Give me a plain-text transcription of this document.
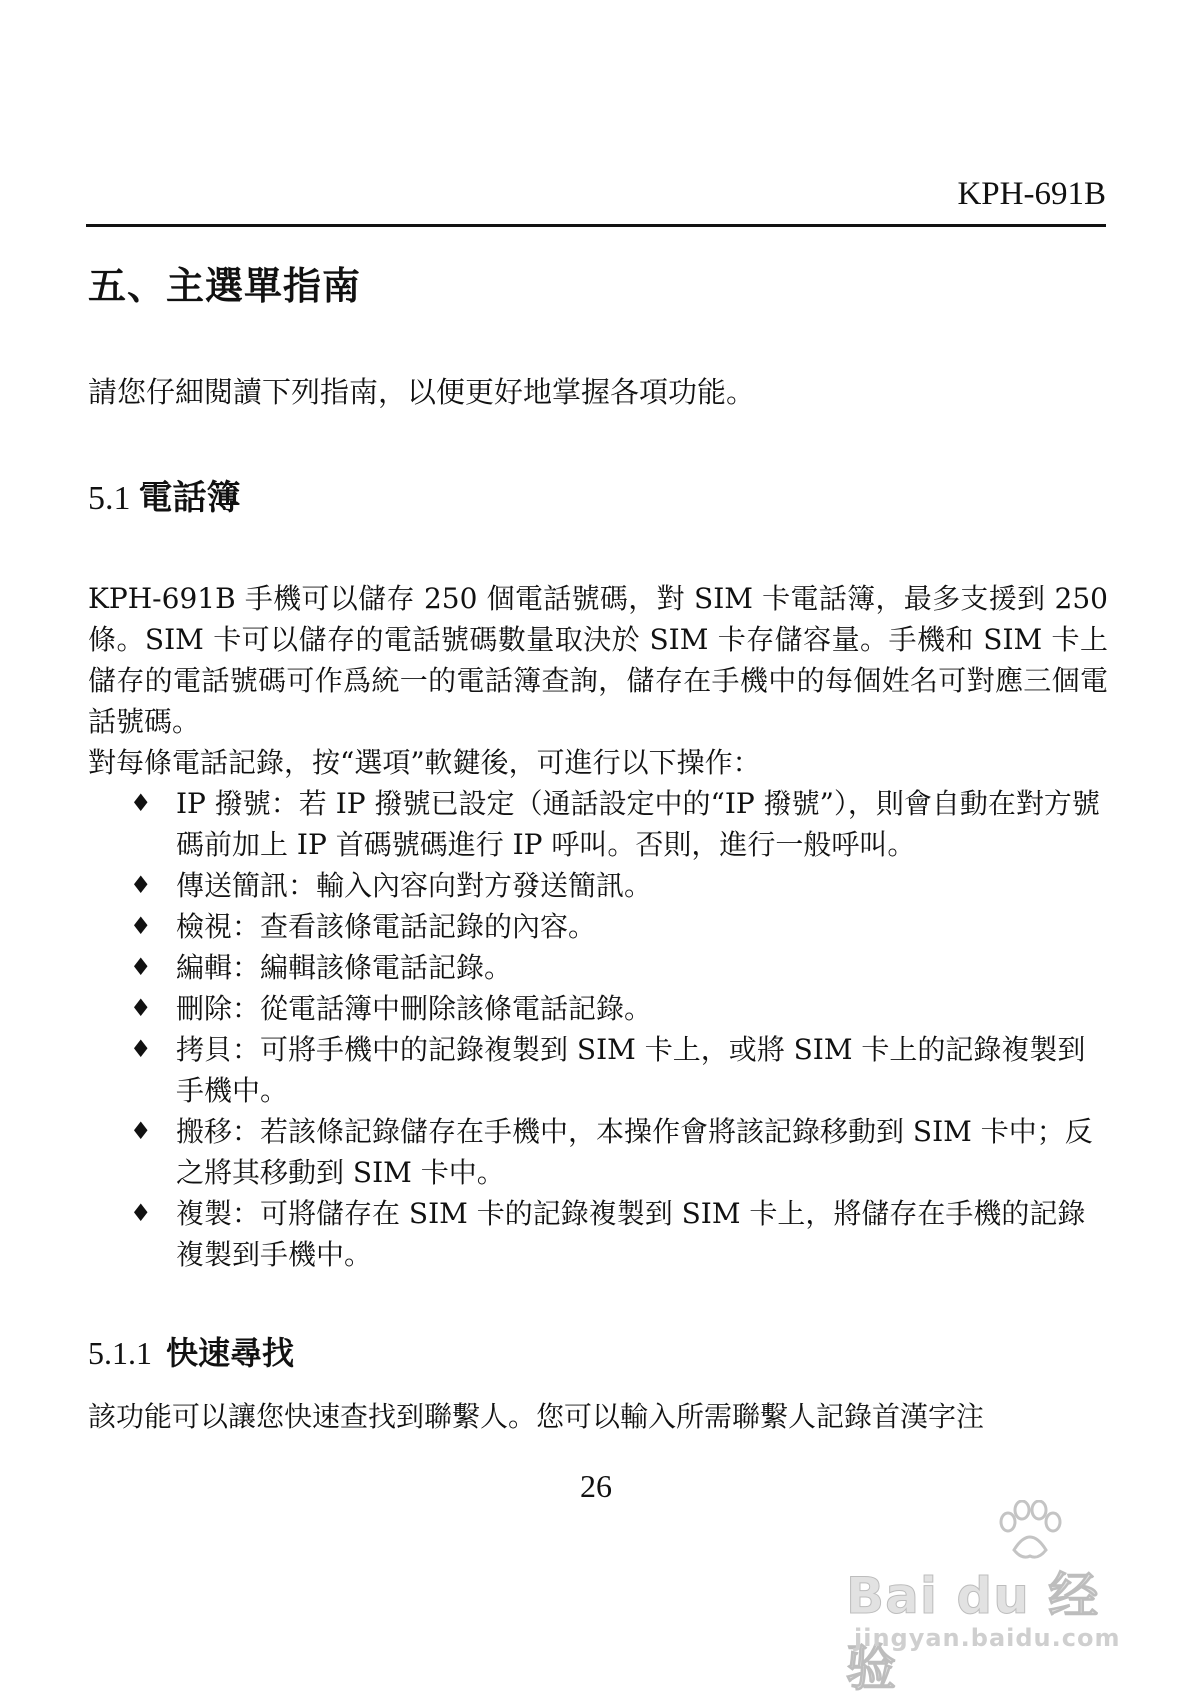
KPH-691B
五、主選單指南
請您仔細閱讀下列指南，以便更好地掌握各項功能。
5.1 電話簿

KPH-691B 手機可以儲存 250 個電話號碼，對 SIM 卡電話簿，最多支援到 250 條。SIM 卡可以儲存的電話號碼數量取決於 SIM 卡存儲容量。手機和 SIM 卡上儲存的電話號碼可作爲統一的電話簿查詢，儲存在手機中的每個姓名可對應三個電話號碼。

對每條電話記錄，按“選項”軟鍵後，可進行以下操作：

♦ IP 撥號：若 IP 撥號已設定（通話設定中的“IP 撥號”），則會自動在對方號碼前加上 IP 首碼號碼進行 IP 呼叫。否則，進行一般呼叫。
♦ 傳送簡訊：輸入內容向對方發送簡訊。
♦ 檢視：查看該條電話記錄的內容。
♦ 編輯：編輯該條電話記錄。
♦ 刪除：從電話簿中刪除該條電話記錄。
♦ 拷貝：可將手機中的記錄複製到 SIM 卡上，或將 SIM 卡上的記錄複製到手機中。
♦ 搬移：若該條記錄儲存在手機中，本操作會將該記錄移動到 SIM 卡中；反之將其移動到 SIM 卡中。
♦ 複製：可將儲存在 SIM 卡的記錄複製到 SIM 卡上，將儲存在手機的記錄複製到手機中。
5.1.1 快速尋找
該功能可以讓您快速查找到聯繫人。您可以輸入所需聯繫人記錄首漢字注
26
Bai du 经验
jingyan.baidu.com
